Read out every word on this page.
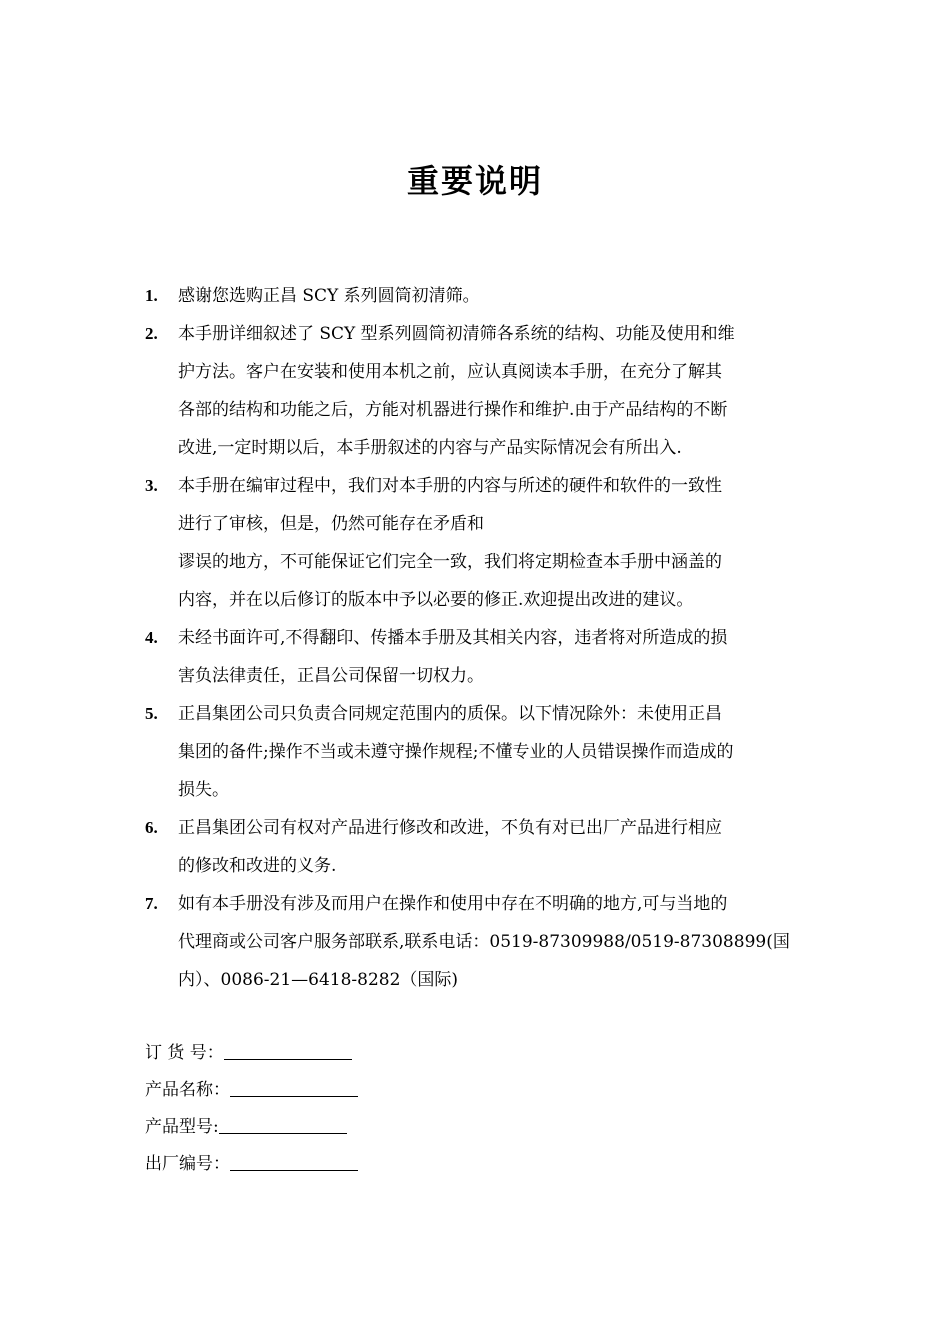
重要说明
1. 感谢您选购正昌 SCY 系列圆筒初清筛。
2. 本手册详细叙述了 SCY 型系列圆筒初清筛各系统的结构、功能及使用和维
护方法。客户在安装和使用本机之前，应认真阅读本手册，在充分了解其
各部的结构和功能之后，方能对机器进行操作和维护.由于产品结构的不断
改进,一定时期以后，本手册叙述的内容与产品实际情况会有所出入.
3. 本手册在编审过程中，我们对本手册的内容与所述的硬件和软件的一致性
进行了审核，但是，仍然可能存在矛盾和
谬误的地方，不可能保证它们完全一致，我们将定期检查本手册中涵盖的
内容，并在以后修订的版本中予以必要的修正.欢迎提出改进的建议。
4. 未经书面许可,不得翻印、传播本手册及其相关内容，违者将对所造成的损
害负法律责任，正昌公司保留一切权力。
5. 正昌集团公司只负责合同规定范围内的质保。以下情况除外：未使用正昌
集团的备件;操作不当或未遵守操作规程;不懂专业的人员错误操作而造成的
损失。
6. 正昌集团公司有权对产品进行修改和改进，不负有对已出厂产品进行相应
的修改和改进的义务.
7. 如有本手册没有涉及而用户在操作和使用中存在不明确的地方,可与当地的
代理商或公司客户服务部联系,联系电话：0519-87309988/0519-87308899(国
内）、0086-21—6418-8282（国际)
订 货 号：
产品名称：
产品型号:
出厂编号：
